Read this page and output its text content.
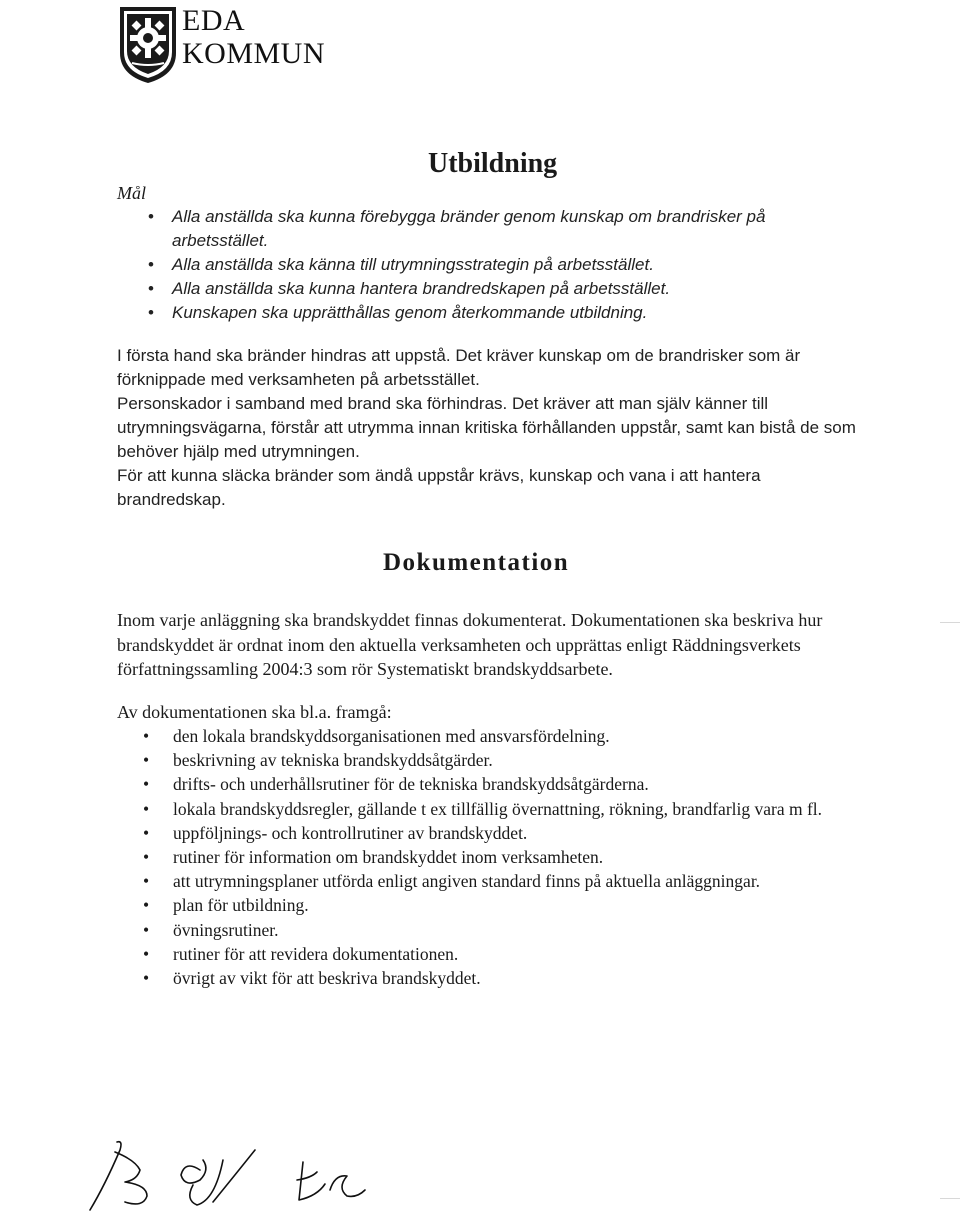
EDA
KOMMUN
Utbildning
Mål
• Alla anställda ska kunna förebygga bränder genom kunskap om brandrisker på arbetsstället.
• Alla anställda ska känna till utrymningsstrategin på arbetsstället.
• Alla anställda ska kunna hantera brandredskapen på arbetsstället.
• Kunskapen ska upprätthållas genom återkommande utbildning.

I första hand ska bränder hindras att uppstå. Det kräver kunskap om de brandrisker som är förknippade med verksamheten på arbetsstället.

Personskador i samband med brand ska förhindras. Det kräver att man själv känner till utrymningsvägarna, förstår att utrymma innan kritiska förhållanden uppstår, samt kan bistå de som behöver hjälp med utrymningen.

För att kunna släcka bränder som ändå uppstår krävs, kunskap och vana i att hantera brandredskap.

Dokumentation

Inom varje anläggning ska brandskyddet finnas dokumenterat. Dokumentationen ska beskriva hur brandskyddet är ordnat inom den aktuella verksamheten och upprättas enligt Räddningsverkets författningssamling 2004:3 som rör Systematiskt brandskyddsarbete.

Av dokumentationen ska bl.a. framgå:
• den lokala brandskyddsorganisationen med ansvarsfördelning.
• beskrivning av tekniska brandskyddsåtgärder.
• drifts- och underhållsrutiner för de tekniska brandskyddsåtgärderna.
• lokala brandskyddsregler, gällande t ex tillfällig övernattning, rökning, brandfarlig vara m fl.
• uppföljnings- och kontrollrutiner av brandskyddet.
• rutiner för information om brandskyddet inom verksamheten.
• att utrymningsplaner utförda enligt angiven standard finns på aktuella anläggningar.
• plan för utbildning.
• övningsrutiner.
• rutiner för att revidera dokumentationen.
• övrigt av vikt för att beskriva brandskyddet.
